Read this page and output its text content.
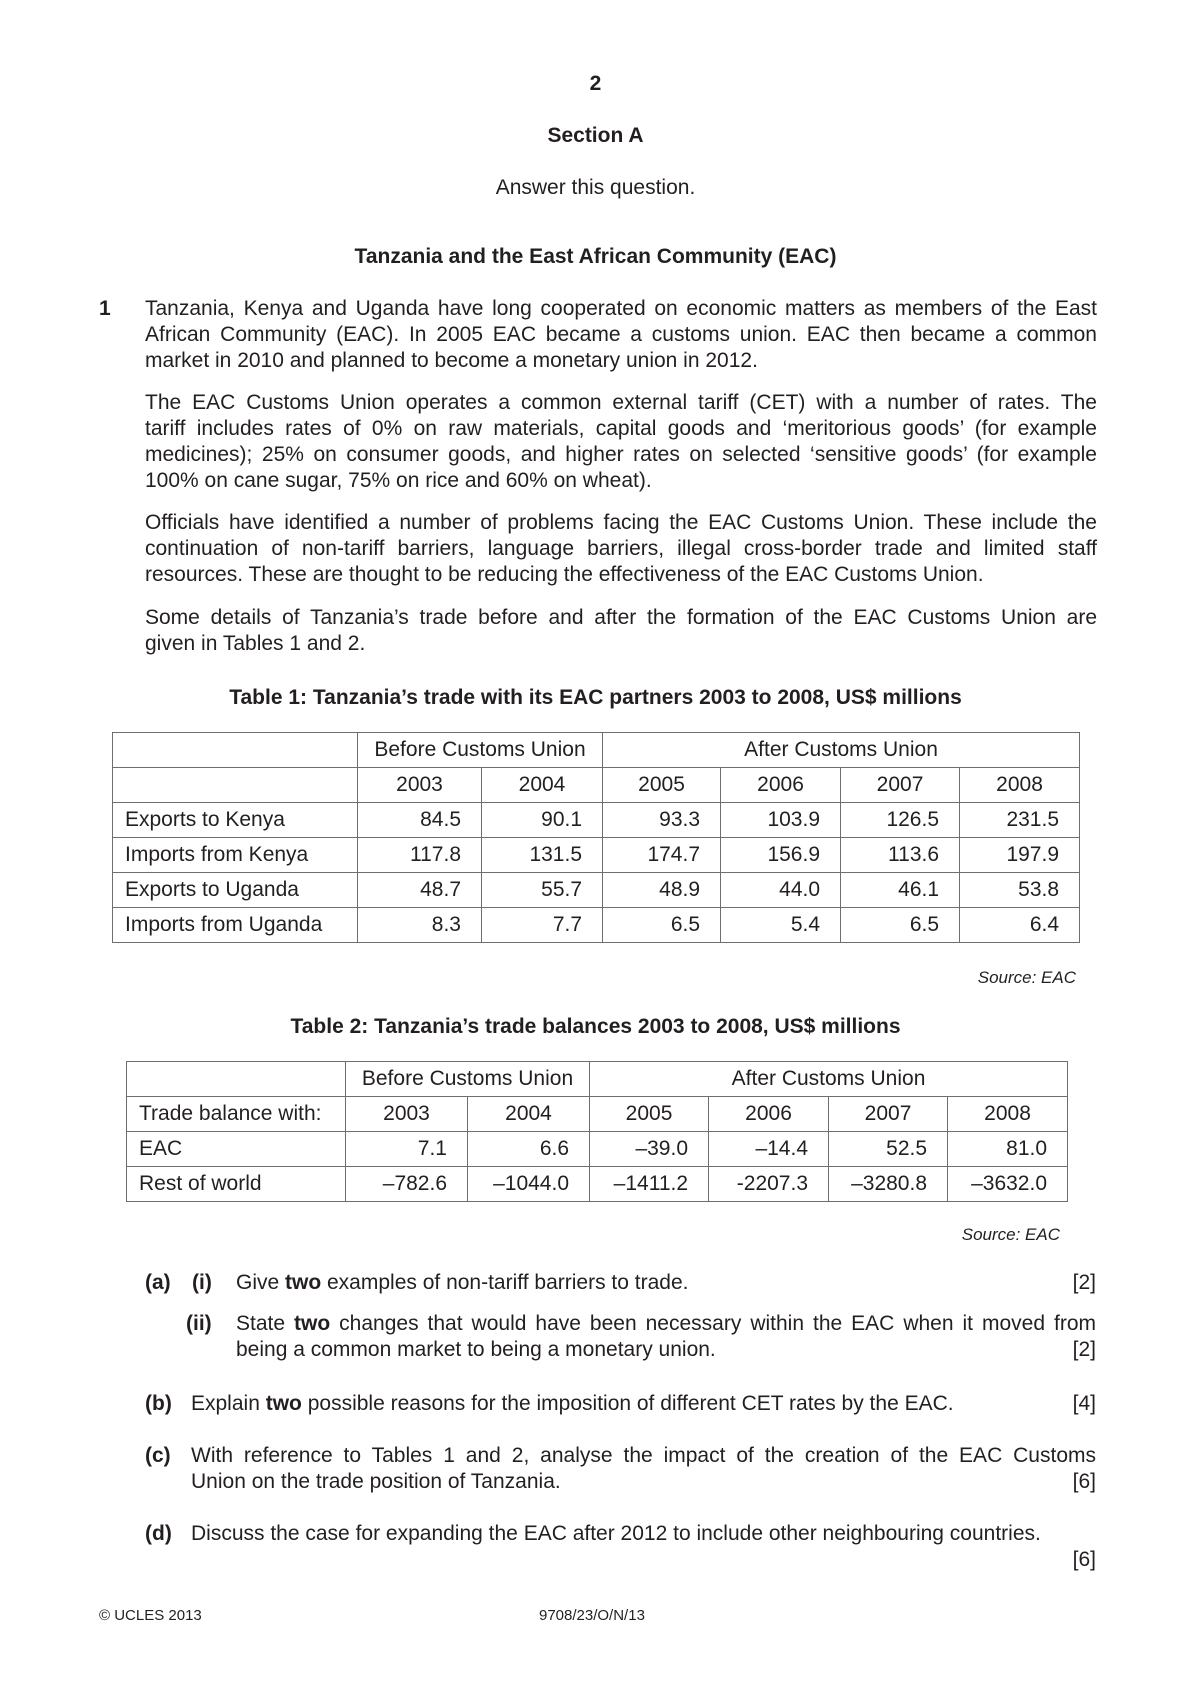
2
Section A
Answer this question.
Tanzania and the East African Community (EAC)
1 Tanzania, Kenya and Uganda have long cooperated on economic matters as members of the East
African Community (EAC). In 2005 EAC became a customs union. EAC then became a common
market in 2010 and planned to become a monetary union in 2012.
The EAC Customs Union operates a common external tariff (CET) with a number of rates. The
tariff includes rates of 0% on raw materials, capital goods and ‘meritorious goods’ (for example
medicines); 25% on consumer goods, and higher rates on selected ‘sensitive goods’ (for example
100% on cane sugar, 75% on rice and 60% on wheat).
Officials have identified a number of problems facing the EAC Customs Union. These include the
continuation of non-tariff barriers, language barriers, illegal cross-border trade and limited staff
resources. These are thought to be reducing the effectiveness of the EAC Customs Union.
Some details of Tanzania’s trade before and after the formation of the EAC Customs Union are
given in Tables 1 and 2.
Table 1: Tanzania’s trade with its EAC partners 2003 to 2008, US$ millions
	Before Customs Union		After Customs Union			
	2003	2004	2005	2006	2007	2008
Exports to Kenya	84.5	90.1	93.3	103.9	126.5	231.5
Imports from Kenya	117.8	131.5	174.7	156.9	113.6	197.9
Exports to Uganda	48.7	55.7	48.9	44.0	46.1	53.8
Imports from Uganda	8.3	7.7	6.5	5.4	6.5	6.4
Source: EAC
Table 2: Tanzania’s trade balances 2003 to 2008, US$ millions
	Before Customs Union		After Customs Union			
Trade balance with:	2003	2004	2005	2006	2007	2008
EAC	7.1	6.6	–39.0	–14.4	52.5	81.0
Rest of world	–782.6	–1044.0	–1411.2	-2207.3	–3280.8	–3632.0
Source: EAC
(a) (i) Give two examples of non-tariff barriers to trade.	[2]
(ii) State two changes that would have been necessary within the EAC when it moved from
being a common market to being a monetary union.	[2]
(b) Explain two possible reasons for the imposition of different CET rates by the EAC.	[4]
(c) With reference to Tables 1 and 2, analyse the impact of the creation of the EAC Customs
Union on the trade position of Tanzania.	[6]
(d) Discuss the case for expanding the EAC after 2012 to include other neighbouring countries.
[6]
© UCLES 2013	9708/23/O/N/13
